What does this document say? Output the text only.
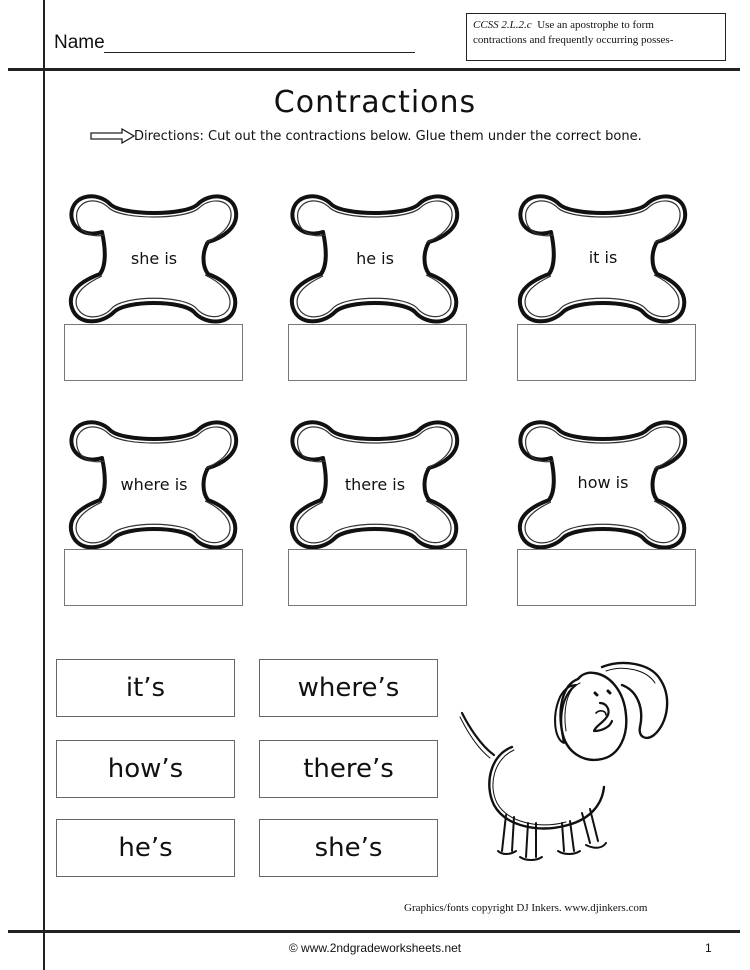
Name
CCSS 2.L.2.c Use an apostrophe to form
contractions and frequently occurring posses-
Contractions
Directions: Cut out the contractions below. Glue them under the correct bone.
she is	he is	it is
where is	there is	how is
it’s	where’s
how’s	there’s
he’s	she’s
Graphics/fonts copyright DJ Inkers. www.djinkers.com
© www.2ndgradeworksheets.net	1
